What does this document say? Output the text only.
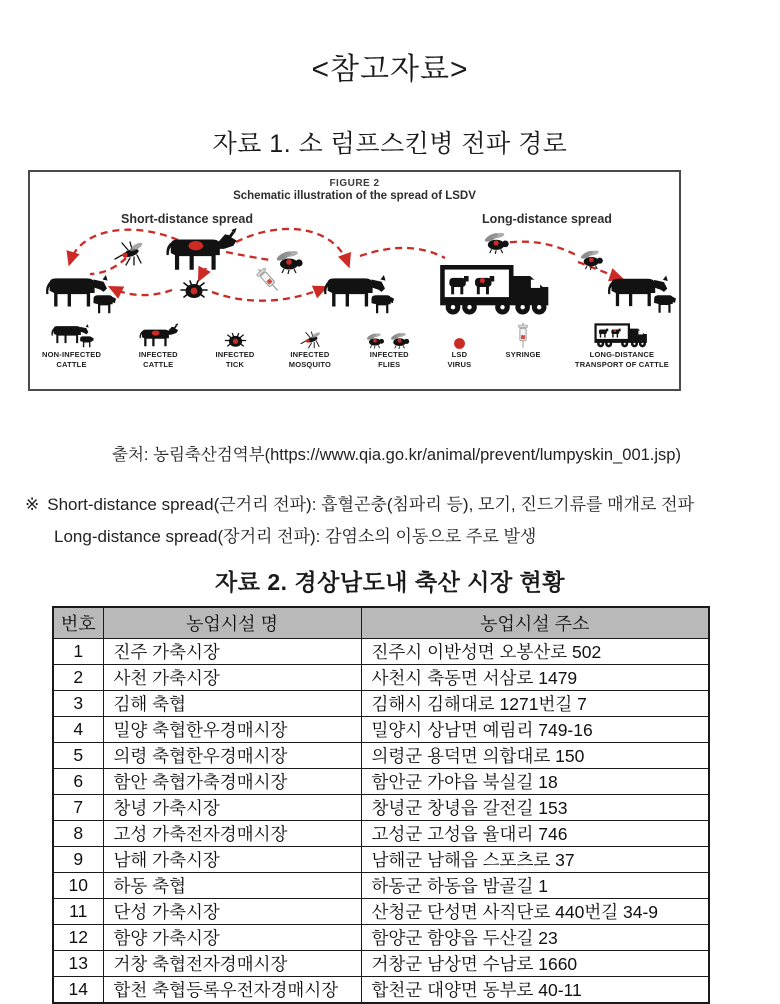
<참고자료>
자료 1. 소 럼프스킨병 전파 경로
FIGURE 2
Schematic illustration of the spread of LSDV
Short-distance spread	Long-distance spread
NON-INFECTED
CATTLE
INFECTED
CATTLE
INFECTED
TICK
INFECTED
MOSQUITO
INFECTED
FLIES
LSD
VIRUS
SYRINGE	LONG-DISTANCE
TRANSPORT OF CATTLE
출처: 농림축산검역부(https://www.qia.go.kr/animal/prevent/lumpyskin_001.jsp)
※ Short-distance spread(근거리 전파): 흡혈곤충(침파리 등), 모기, 진드기류를 매개로 전파
Long-distance spread(장거리 전파): 감염소의 이동으로 주로 발생
자료 2. 경상남도내 축산 시장 현황
번호	농업시설 명	농업시설 주소
1	진주 가축시장	진주시 이반성면 오봉산로 502
2	사천 가축시장	사천시 축동면 서삼로 1479
3	김해 축협	김해시 김해대로 1271번길 7
4	밀양 축협한우경매시장	밀양시 상남면 예림리 749-16
5	의령 축협한우경매시장	의령군 용덕면 의합대로 150
6	함안 축협가축경매시장	함안군 가야읍 북실길 18
7	창녕 가축시장	창녕군 창녕읍 갈전길 153
8	고성 가축전자경매시장	고성군 고성읍 율대리 746
9	남해 가축시장	남해군 남해읍 스포츠로 37
10	하동 축협	하동군 하동읍 밤골길 1
11	단성 가축시장	산청군 단성면 사직단로 440번길 34-9
12	함양 가축시장	함양군 함양읍 두산길 23
13	거창 축협전자경매시장	거창군 남상면 수남로 1660
14	합천 축협등록우전자경매시장	합천군 대양면 동부로 40-11
